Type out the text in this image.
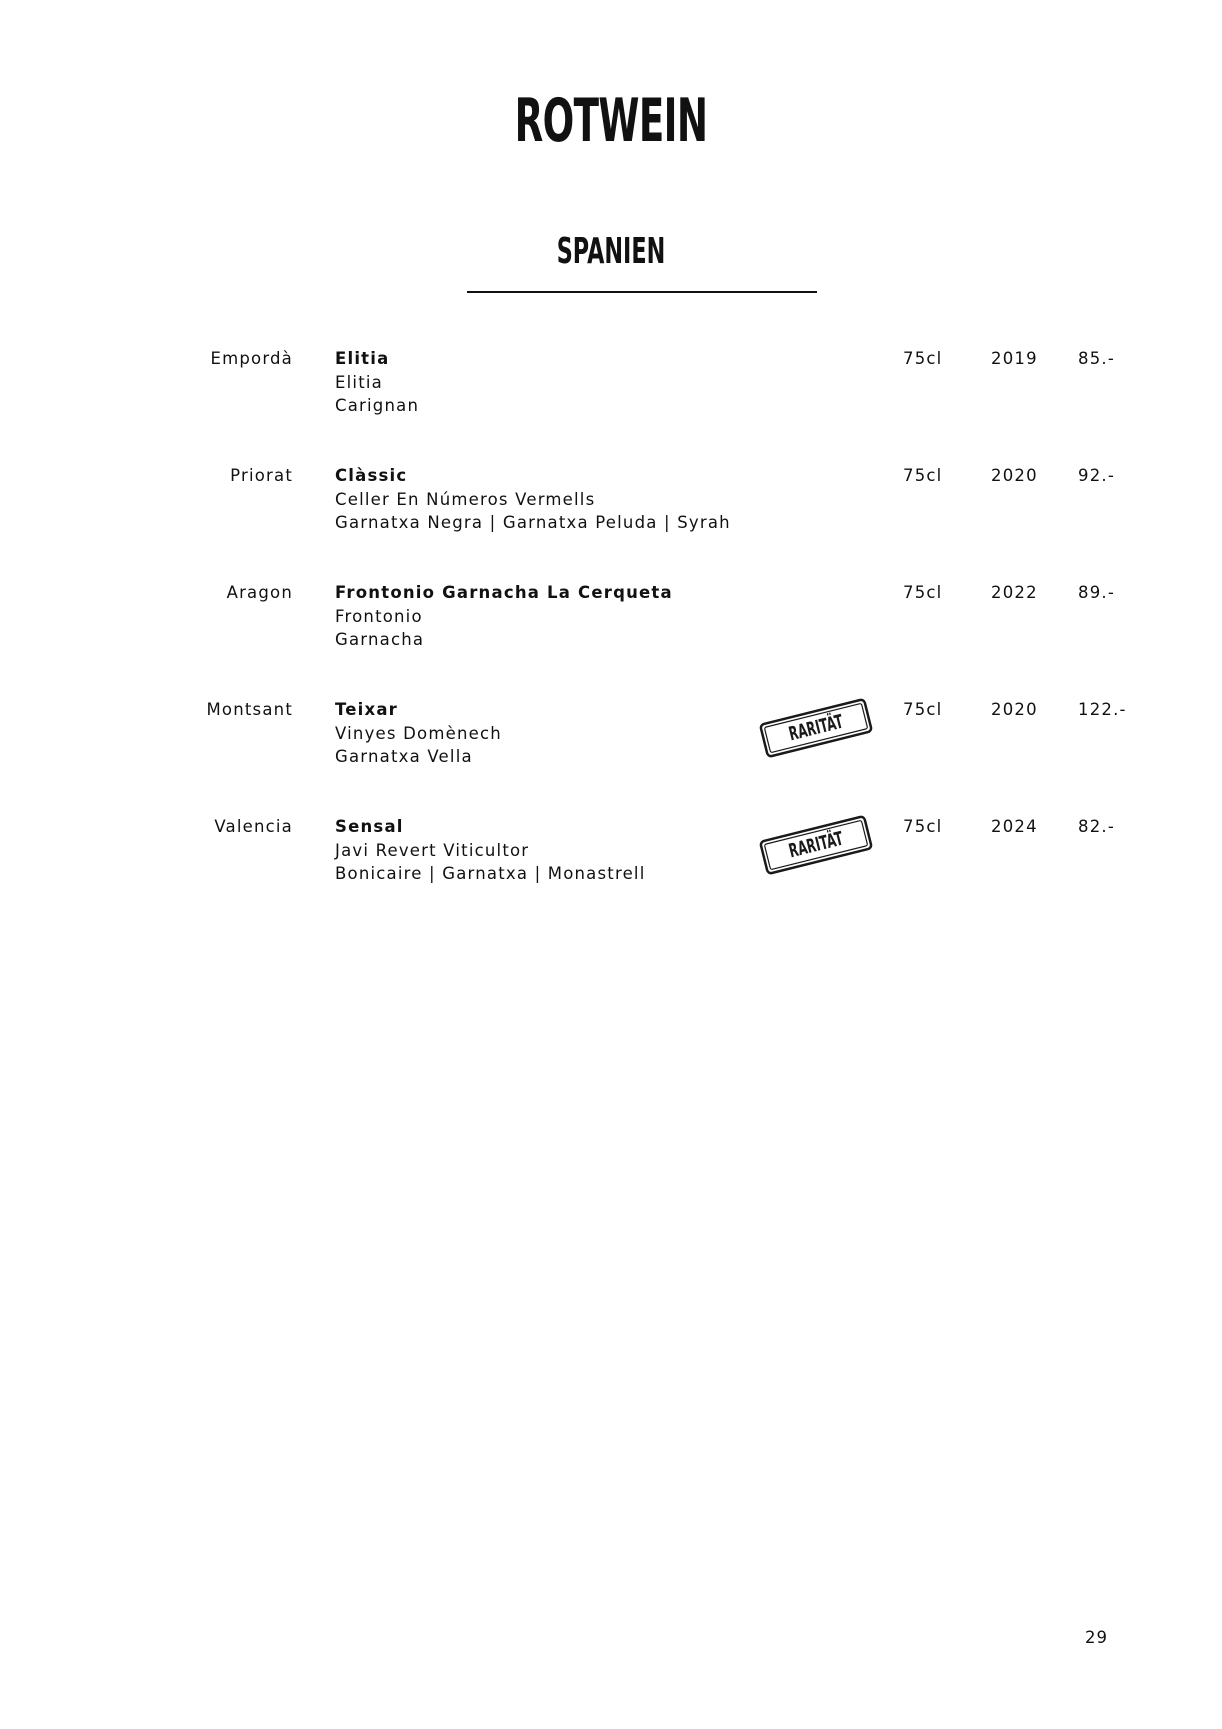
ROTWEIN
SPANIEN
Empordà	Elitia
Elitia
Carignan
75cl	2019 85.-
Priorat	Clàssic
Celler En Números Vermells
Garnatxa Negra | Garnatxa Peluda | Syrah
75cl	2020 92.-
Aragon	Frontonio Garnacha La Cerqueta
Frontonio
Garnacha
75cl	2022 89.-
Montsant	Teixar
Vinyes Domènech
Garnatxa Vella
RARITÄT
75cl	2020 122.-
Valencia	Sensal
Javi Revert Viticultor
Bonicaire | Garnatxa | Monastrell
RARITÄT
75cl	2024 82.-
29
